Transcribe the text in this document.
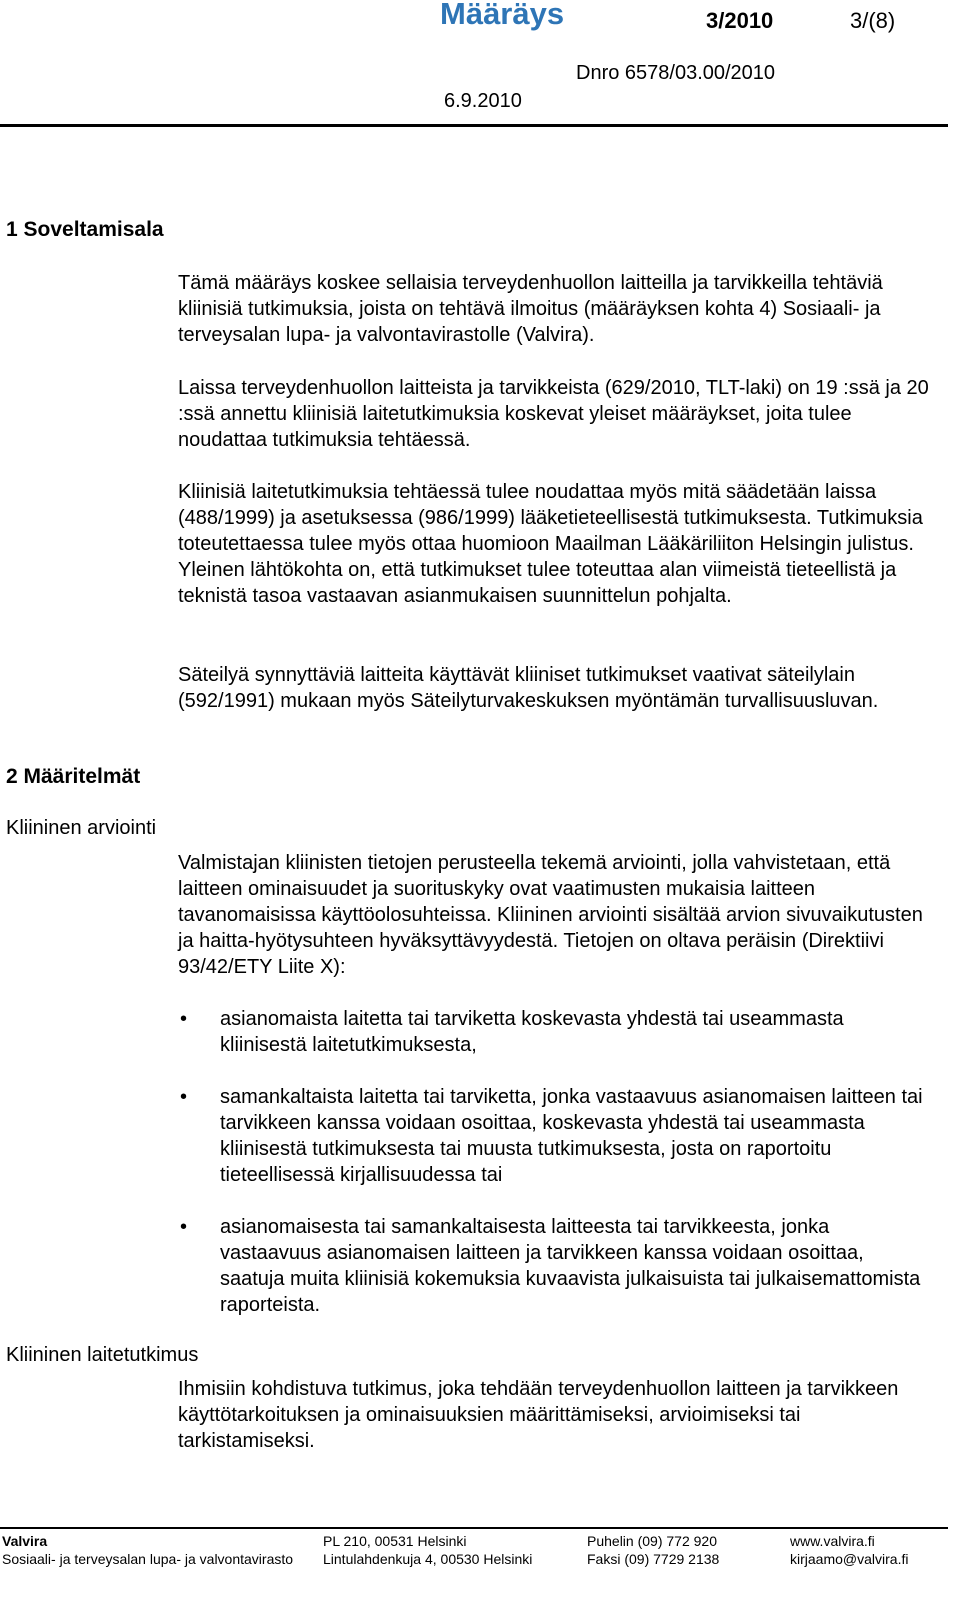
Määräys	3/2010	3/(8)
Dnro 6578/03.00/2010
6.9.2010
1 Soveltamisala

Tämä määräys koskee sellaisia terveydenhuollon laitteilla ja tarvikkeilla tehtäviä kliinisiä tutkimuksia, joista on tehtävä ilmoitus (määräyksen kohta 4) Sosiaali- ja terveysalan lupa- ja valvontavirastolle (Valvira).

Laissa terveydenhuollon laitteista ja tarvikkeista (629/2010, TLT-laki) on 19 :ssä ja 20 :ssä annettu kliinisiä laitetutkimuksia koskevat yleiset määräykset, joita tulee noudattaa tutkimuksia tehtäessä.

Kliinisiä laitetutkimuksia tehtäessä tulee noudattaa myös mitä säädetään laissa (488/1999) ja asetuksessa (986/1999) lääketieteellisestä tutkimuksesta. Tutkimuksia toteutettaessa tulee myös ottaa huomioon Maailman Lääkäriliiton Helsingin julistus. Yleinen lähtökohta on, että tutkimukset tulee toteuttaa alan viimeistä tieteellistä ja teknistä tasoa vastaavan asianmukaisen suunnittelun pohjalta.

Säteilyä synnyttäviä laitteita käyttävät kliiniset tutkimukset vaativat säteilylain (592/1991) mukaan myös Säteilyturvakeskuksen myöntämän turvallisuusluvan.

2 Määritelmät
Kliininen arviointi

Valmistajan kliinisten tietojen perusteella tekemä arviointi, jolla vahvistetaan, että laitteen ominaisuudet ja suorituskyky ovat vaatimusten mukaisia laitteen tavanomaisissa käyttöolosuhteissa. Kliininen arviointi sisältää arvion sivuvaikutusten ja haitta-hyötysuhteen hyväksyttävyydestä. Tietojen on oltava peräisin (Direktiivi 93/42/ETY Liite X):

• asianomaista laitetta tai tarviketta koskevasta yhdestä tai useammasta kliinisestä laitetutkimuksesta,
• samankaltaista laitetta tai tarviketta, jonka vastaavuus asianomaisen laitteen tai tarvikkeen kanssa voidaan osoittaa, koskevasta yhdestä tai useammasta kliinisestä tutkimuksesta tai muusta tutkimuksesta, josta on raportoitu tieteellisessä kirjallisuudessa tai
• asianomaisesta tai samankaltaisesta laitteesta tai tarvikkeesta, jonka vastaavuus asianomaisen laitteen ja tarvikkeen kanssa voidaan osoittaa, saatuja muita kliinisiä kokemuksia kuvaavista julkaisuista tai julkaisemattomista raporteista.
Kliininen laitetutkimus

Ihmisiin kohdistuva tutkimus, joka tehdään terveydenhuollon laitteen ja tarvikkeen käyttötarkoituksen ja ominaisuuksien määrittämiseksi, arvioimiseksi tai tarkistamiseksi.

Valvira
Sosiaali- ja terveysalan lupa- ja valvontavirasto
PL 210, 00531 Helsinki
Lintulahdenkuja 4, 00530 Helsinki
Puhelin (09) 772 920
Faksi (09) 7729 2138
www.valvira.fi
kirjaamo@valvira.fi
